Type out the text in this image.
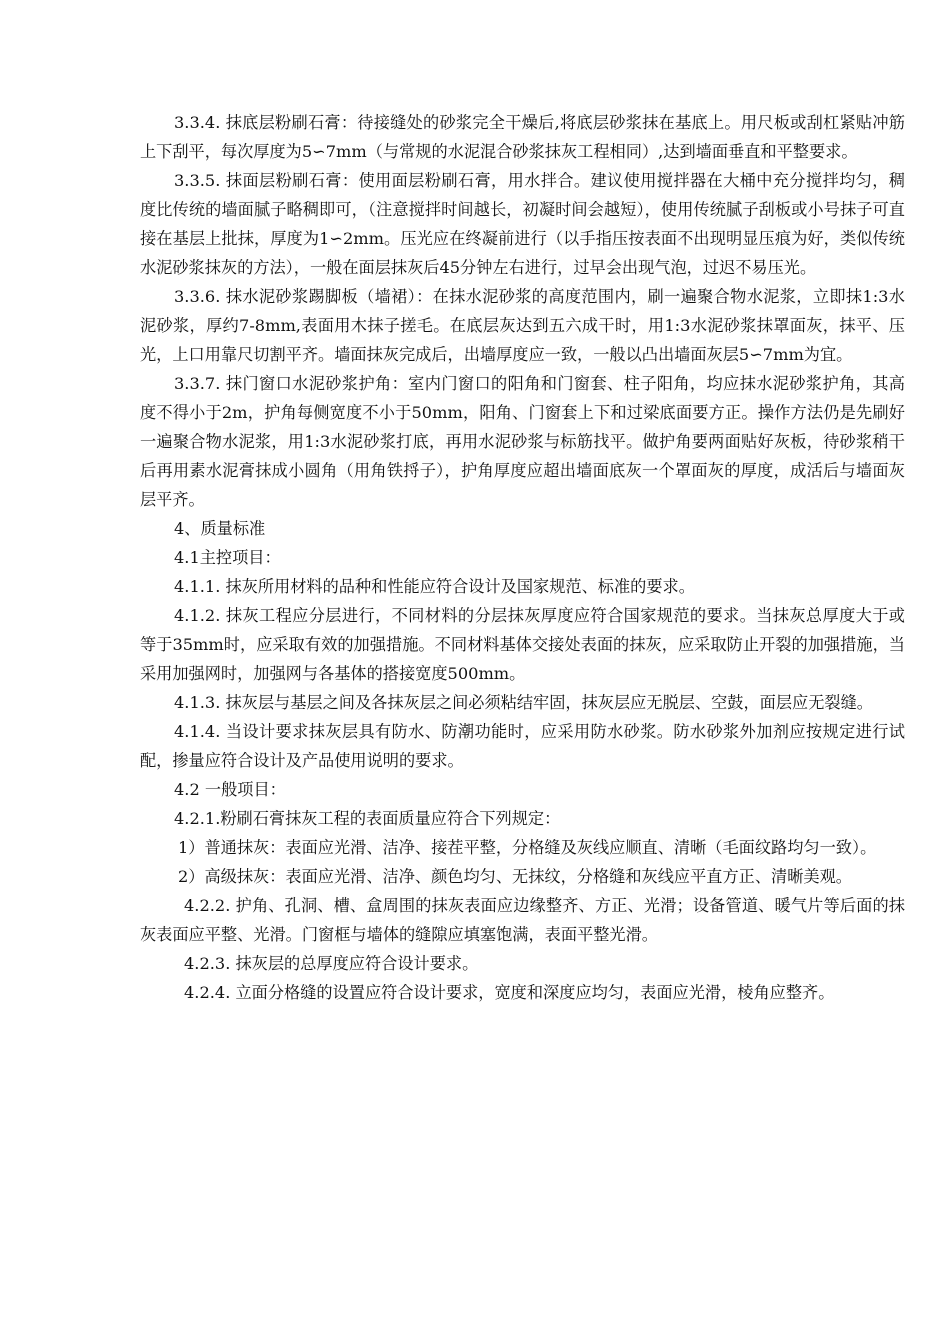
3.3.4. 抹底层粉刷石膏：待接缝处的砂浆完全干燥后,将底层砂浆抹在基底上。用尺板或刮杠紧贴冲筋上下刮平，每次厚度为5∽7mm（与常规的水泥混合砂浆抹灰工程相同）,达到墙面垂直和平整要求。

3.3.5. 抹面层粉刷石膏：使用面层粉刷石膏，用水拌合。建议使用搅拌器在大桶中充分搅拌均匀，稠度比传统的墙面腻子略稠即可，（注意搅拌时间越长，初凝时间会越短），使用传统腻子刮板或小号抹子可直接在基层上批抹，厚度为1∽2mm。压光应在终凝前进行（以手指压按表面不出现明显压痕为好，类似传统水泥砂浆抹灰的方法），一般在面层抹灰后45分钟左右进行，过早会出现气泡，过迟不易压光。

3.3.6. 抹水泥砂浆踢脚板（墙裙）：在抹水泥砂浆的高度范围内，刷一遍聚合物水泥浆，立即抹1:3水泥砂浆，厚约7-8mm,表面用木抹子搓毛。在底层灰达到五六成干时，用1:3水泥砂浆抹罩面灰，抹平、压光，上口用靠尺切割平齐。墙面抹灰完成后，出墙厚度应一致，一般以凸出墙面灰层5∽7mm为宜。

3.3.7. 抹门窗口水泥砂浆护角：室内门窗口的阳角和门窗套、柱子阳角，均应抹水泥砂浆护角，其高度不得小于2m，护角每侧宽度不小于50mm，阳角、门窗套上下和过梁底面要方正。操作方法仍是先刷好一遍聚合物水泥浆，用1:3水泥砂浆打底，再用水泥砂浆与标筋找平。做护角要两面贴好灰板，待砂浆稍干后再用素水泥膏抹成小圆角（用角铁捋子），护角厚度应超出墙面底灰一个罩面灰的厚度，成活后与墙面灰层平齐。

4、质量标准

4.1主控项目：

4.1.1. 抹灰所用材料的品种和性能应符合设计及国家规范、标准的要求。

4.1.2. 抹灰工程应分层进行，不同材料的分层抹灰厚度应符合国家规范的要求。当抹灰总厚度大于或等于35mm时，应采取有效的加强措施。不同材料基体交接处表面的抹灰，应采取防止开裂的加强措施，当采用加强网时，加强网与各基体的搭接宽度500mm。

4.1.3. 抹灰层与基层之间及各抹灰层之间必须粘结牢固，抹灰层应无脱层、空鼓，面层应无裂缝。

4.1.4. 当设计要求抹灰层具有防水、防潮功能时，应采用防水砂浆。防水砂浆外加剂应按规定进行试配，掺量应符合设计及产品使用说明的要求。

4.2 一般项目：

4.2.1.粉刷石膏抹灰工程的表面质量应符合下列规定：

1）普通抹灰：表面应光滑、洁净、接茬平整，分格缝及灰线应顺直、清晰（毛面纹路均匀一致）。

2）高级抹灰：表面应光滑、洁净、颜色均匀、无抹纹，分格缝和灰线应平直方正、清晰美观。

4.2.2. 护角、孔洞、槽、盒周围的抹灰表面应边缘整齐、方正、光滑；设备管道、暖气片等后面的抹灰表面应平整、光滑。门窗框与墙体的缝隙应填塞饱满，表面平整光滑。

4.2.3. 抹灰层的总厚度应符合设计要求。

4.2.4. 立面分格缝的设置应符合设计要求，宽度和深度应均匀，表面应光滑，棱角应整齐。
